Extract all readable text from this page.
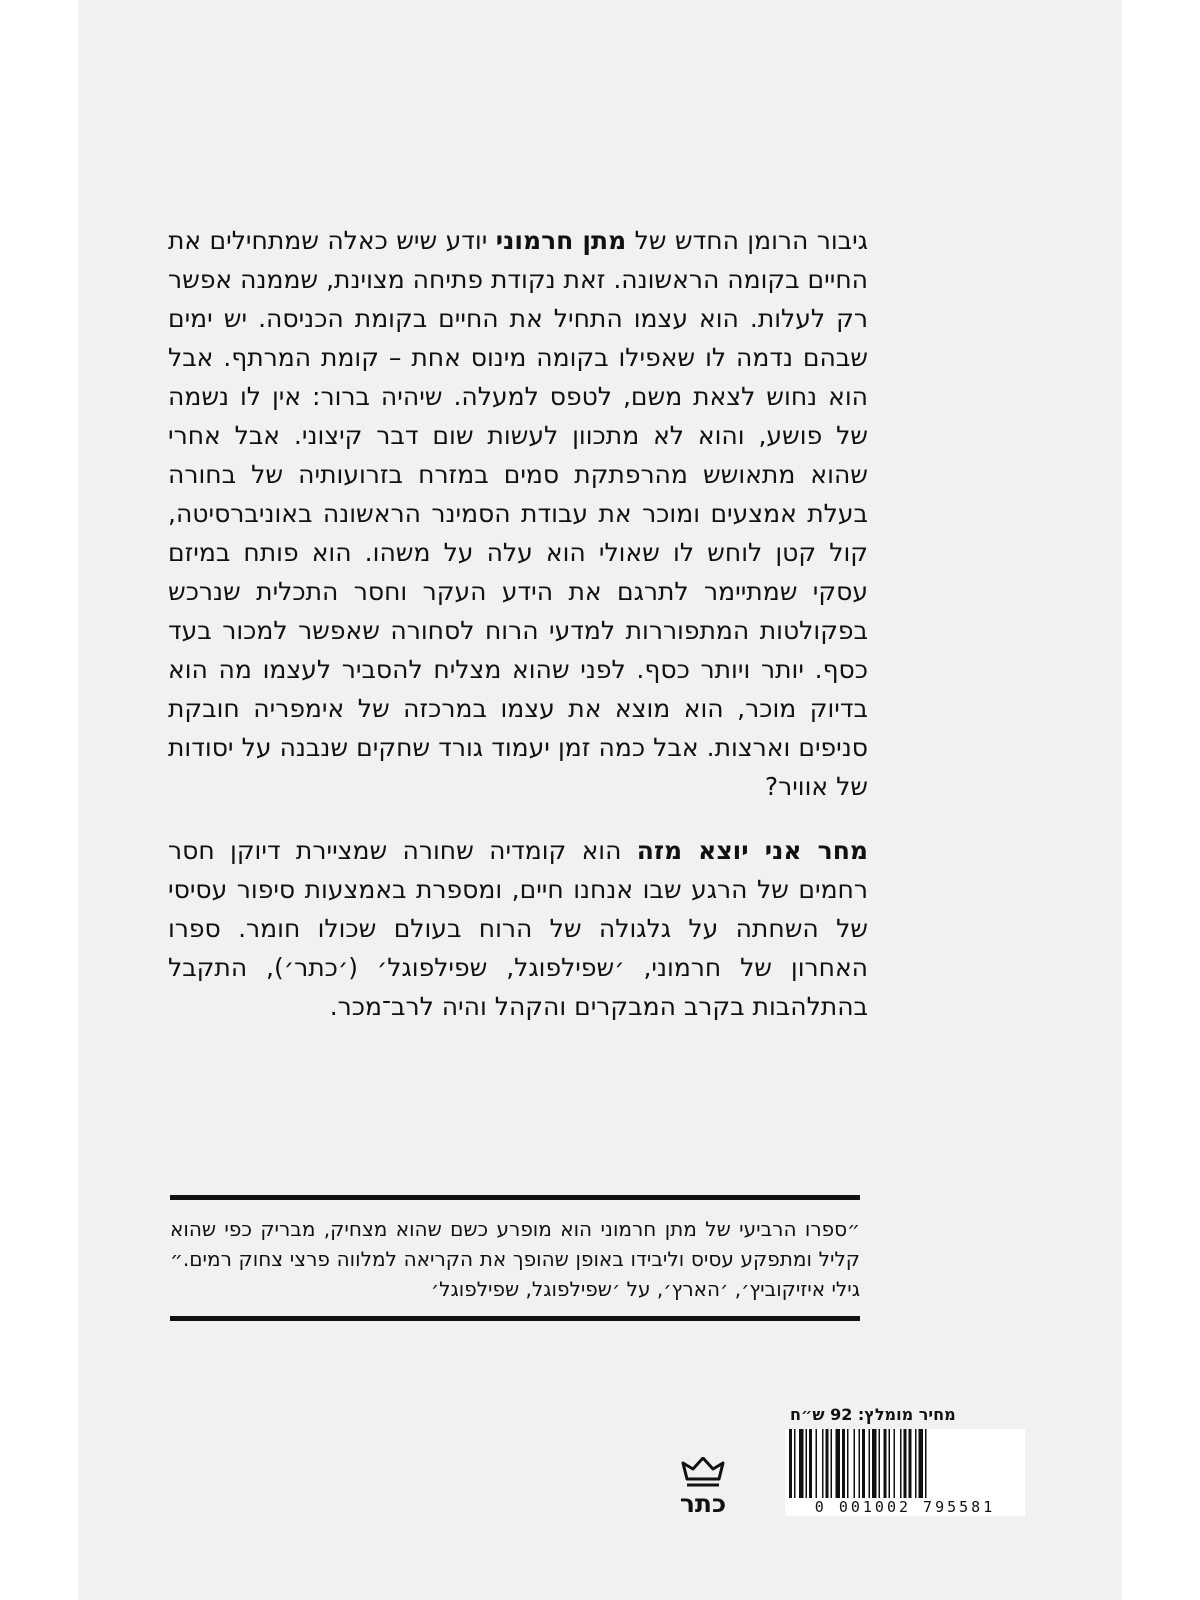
גיבור הרומן החדש של מתן חרמוני יודע שיש כאלה שמתחילים את החיים בקומה הראשונה. זאת נקודת פתיחה מצוינת, שממנה אפשר רק לעלות. הוא עצמו התחיל את החיים בקומת הכניסה. יש ימים שבהם נדמה לו שאפילו בקומה מינוס אחת – קומת המרתף. אבל הוא נחוש לצאת משם, לטפס למעלה. שיהיה ברור: אין לו נשמה של פושע, והוא לא מתכוון לעשות שום דבר קיצוני. אבל אחרי שהוא מתאושש מהרפתקת סמים במזרח בזרועותיה של בחורה בעלת אמצעים ומוכר את עבודת הסמינר הראשונה באוניברסיטה, קול קטן לוחש לו שאולי הוא עלה על משהו. הוא פותח במיזם עסקי שמתיימר לתרגם את הידע העקר וחסר התכלית שנרכש בפקולטות המתפוררות למדעי הרוח לסחורה שאפשר למכור בעד כסף. יותר ויותר כסף. לפני שהוא מצליח להסביר לעצמו מה הוא בדיוק מוכר, הוא מוצא את עצמו במרכזה של אימפריה חובקת סניפים וארצות. אבל כמה זמן יעמוד גורד שחקים שנבנה על יסודות של אוויר?

מחר אני יוצא מזה הוא קומדיה שחורה שמציירת דיוקן חסר רחמים של הרגע שבו אנחנו חיים, ומספרת באמצעות סיפור עסיסי של השחתה על גלגולה של הרוח בעולם שכולו חומר. ספרו האחרון של חרמוני, ׳שפילפוגל, שפילפוגל׳ (׳כתר׳), התקבל בהתלהבות בקרב המבקרים והקהל והיה לרב־מכר.

״ספרו הרביעי של מתן חרמוני הוא מופרע כשם שהוא מצחיק, מבריק כפי שהוא קליל ומתפקע עסיס וליבידו באופן שהופך את הקריאה למלווה פרצי צחוק רמים.״ גילי איזיקוביץ׳, ׳הארץ׳, על ׳שפילפוגל, שפילפוגל׳
מחיר מומלץ: 92 ש״ח
0 001002 795581
כתר
